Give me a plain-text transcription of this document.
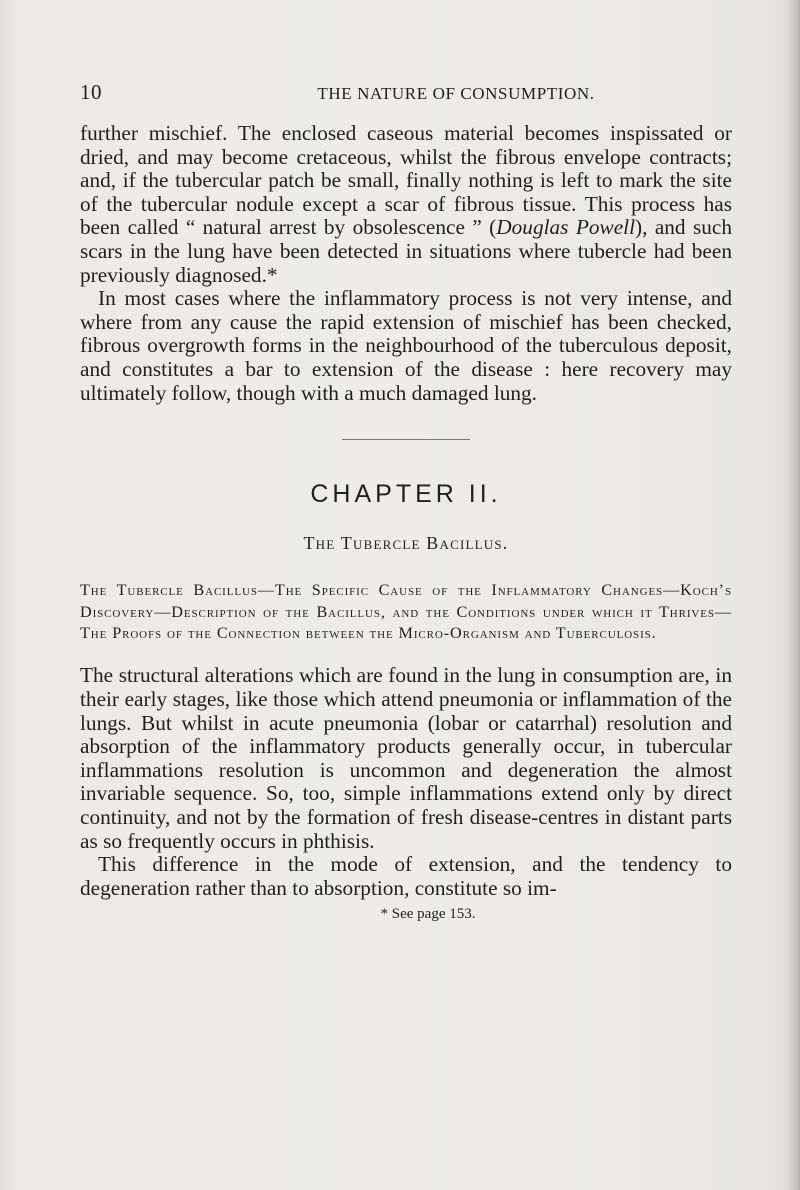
10	THE NATURE OF CONSUMPTION.

further mischief. The enclosed caseous material becomes inspissated or dried, and may become cretaceous, whilst the fibrous envelope contracts; and, if the tubercular patch be small, finally nothing is left to mark the site of the tubercular nodule except a scar of fibrous tissue. This process has been called “ natural arrest by obsolescence ” (Douglas Powell), and such scars in the lung have been detected in situations where tubercle had been previously diagnosed.*

In most cases where the inflammatory process is not very intense, and where from any cause the rapid extension of mischief has been checked, fibrous overgrowth forms in the neighbourhood of the tuberculous deposit, and constitutes a bar to extension of the disease : here recovery may ultimately follow, though with a much damaged lung.

CHAPTER II.
The Tubercle Bacillus.

The Tubercle Bacillus—The Specific Cause of the Inflammatory Changes—Koch’s Discovery—Description of the Bacillus, and the Conditions under which it Thrives—The Proofs of the Connection between the Micro-Organism and Tuberculosis.

The structural alterations which are found in the lung in consumption are, in their early stages, like those which attend pneumonia or inflammation of the lungs. But whilst in acute pneumonia (lobar or catarrhal) resolution and absorption of the inflammatory products generally occur, in tubercular inflammations resolution is uncommon and degeneration the almost invariable sequence. So, too, simple inflammations extend only by direct continuity, and not by the formation of fresh disease-centres in distant parts as so frequently occurs in phthisis.

This difference in the mode of extension, and the tendency to degeneration rather than to absorption, constitute so im-

* See page 153.
